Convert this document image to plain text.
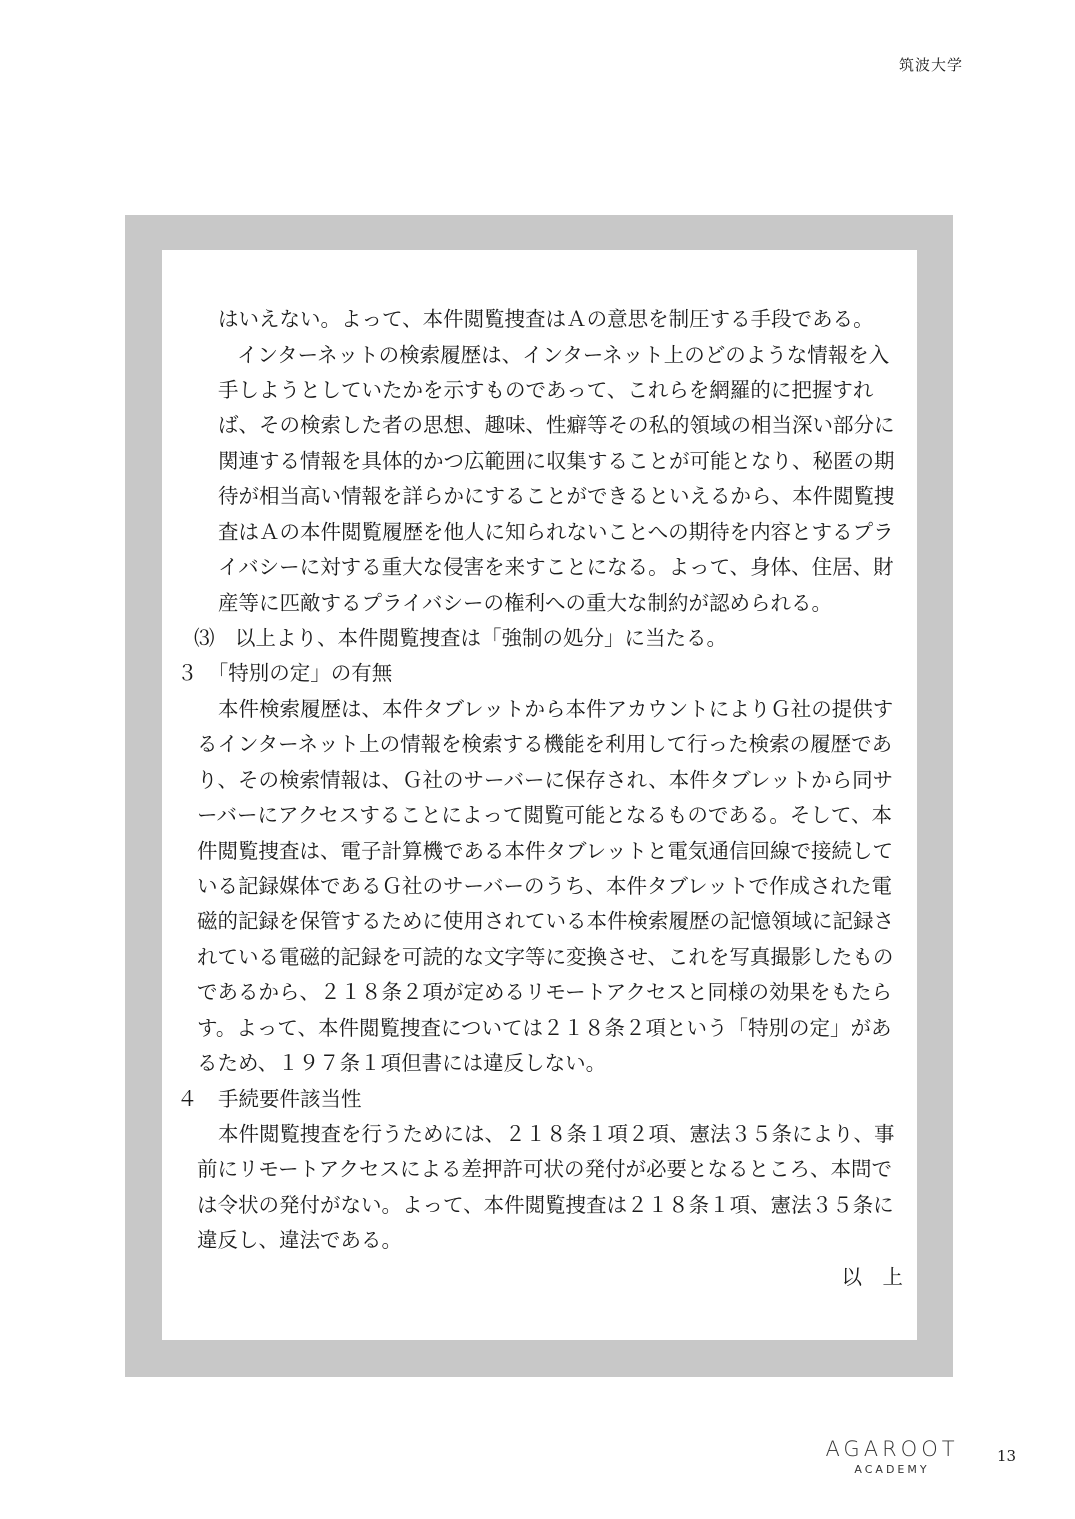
筑波大学
はいえない。よって、本件閲覧捜査はＡの意思を制圧する手段である。
インターネットの検索履歴は、インターネット上のどのような情報を入
手しようとしていたかを示すものであって、これらを網羅的に把握すれ
ば、その検索した者の思想、趣味、性癖等その私的領域の相当深い部分に
関連する情報を具体的かつ広範囲に収集することが可能となり、秘匿の期
待が相当高い情報を詳らかにすることができるといえるから、本件閲覧捜
査はＡの本件閲覧履歴を他人に知られないことへの期待を内容とするプラ
イバシーに対する重大な侵害を来すことになる。よって、身体、住居、財
産等に匹敵するプライバシーの権利への重大な制約が認められる。
⑶　以上より、本件閲覧捜査は「強制の処分」に当たる。
３　「特別の定」の有無
本件検索履歴は、本件タブレットから本件アカウントによりＧ社の提供す
るインターネット上の情報を検索する機能を利用して行った検索の履歴であ
り、その検索情報は、Ｇ社のサーバーに保存され、本件タブレットから同サ
ーバーにアクセスすることによって閲覧可能となるものである。そして、本
件閲覧捜査は、電子計算機である本件タブレットと電気通信回線で接続して
いる記録媒体であるＧ社のサーバーのうち、本件タブレットで作成された電
磁的記録を保管するために使用されている本件検索履歴の記憶領域に記録さ
れている電磁的記録を可読的な文字等に変換させ、これを写真撮影したもの
であるから、２１８条２項が定めるリモートアクセスと同様の効果をもたら
す。よって、本件閲覧捜査については２１８条２項という「特別の定」があ
るため、１９７条１項但書には違反しない。
４　手続要件該当性
本件閲覧捜査を行うためには、２１８条１項２項、憲法３５条により、事
前にリモートアクセスによる差押許可状の発付が必要となるところ、本問で
は令状の発付がない。よって、本件閲覧捜査は２１８条１項、憲法３５条に
違反し、違法である。
以　上
AGAROOT
ACADEMY
13
